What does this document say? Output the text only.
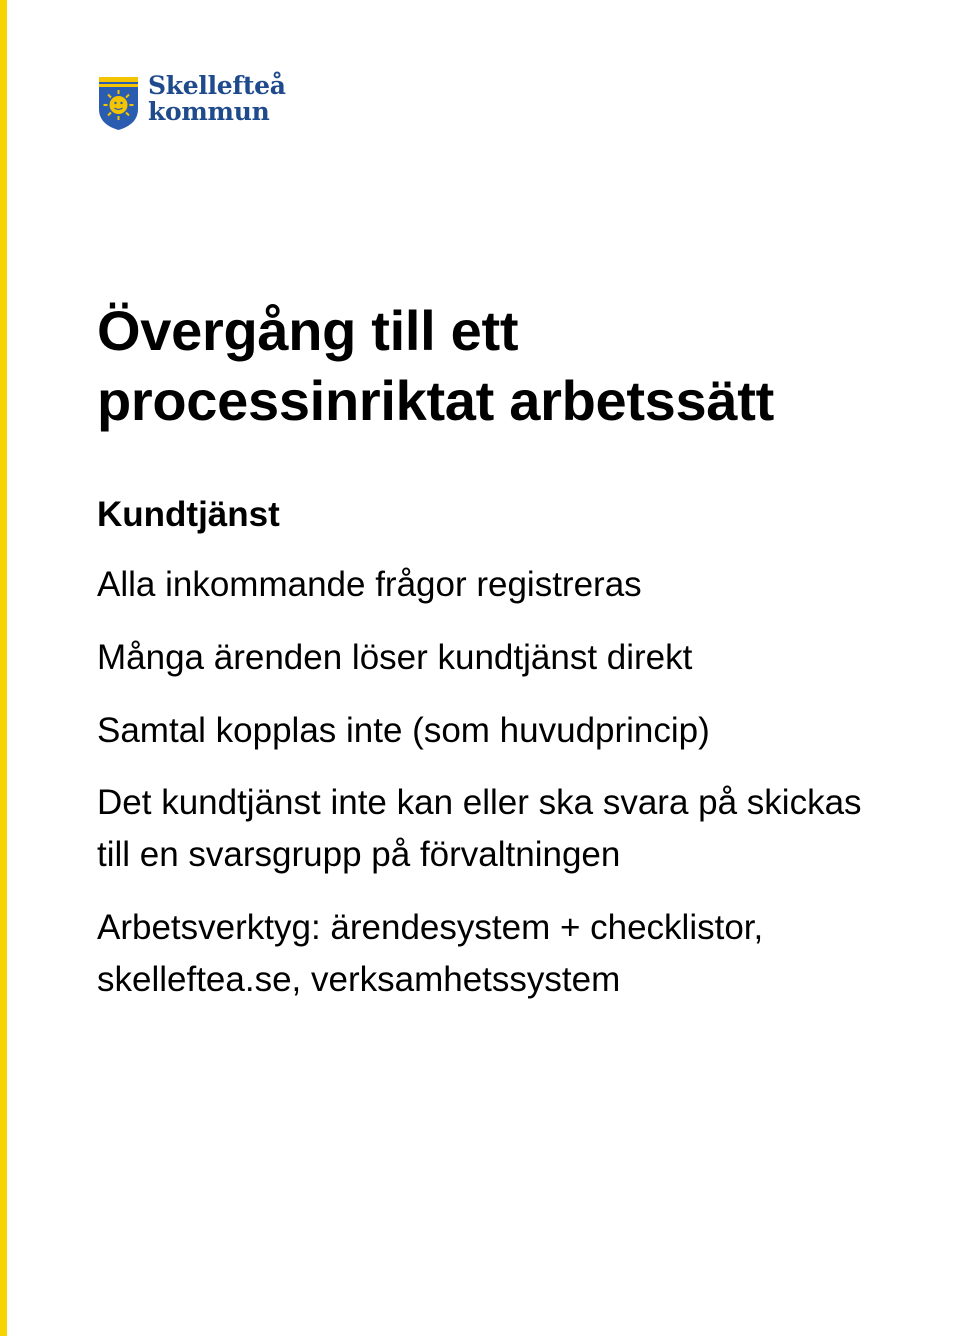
Skellefteå
kommun
Övergång till ett
processinriktat arbetssätt
Kundtjänst

Alla inkommande frågor registreras

Många ärenden löser kundtjänst direkt

Samtal kopplas inte (som huvudprincip)

Det kundtjänst inte kan eller ska svara på skickas
till en svarsgrupp på förvaltningen

Arbetsverktyg: ärendesystem + checklistor,
skelleftea.se, verksamhetssystem
